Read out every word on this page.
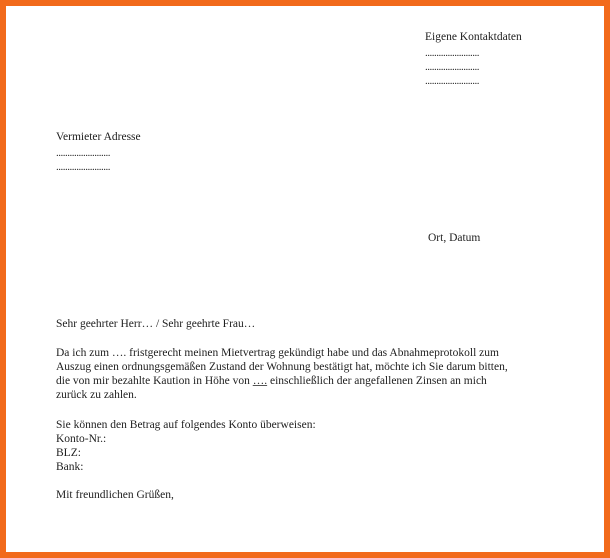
Eigene Kontaktdaten
........................
........................
........................
Vermieter Adresse
........................
........................
Ort, Datum
Sehr geehrter Herr… / Sehr geehrte Frau…
Da ich zum …. fristgerecht meinen Mietvertrag gekündigt habe und das Abnahmeprotokoll zum
Auszug einen ordnungsgemäßen Zustand der Wohnung bestätigt hat, möchte ich Sie darum bitten,
die von mir bezahlte Kaution in Höhe von …. einschließlich der angefallenen Zinsen an mich
zurück zu zahlen.
Sie können den Betrag auf folgendes Konto überweisen:
Konto-Nr.:
BLZ:
Bank:
Mit freundlichen Grüßen,
